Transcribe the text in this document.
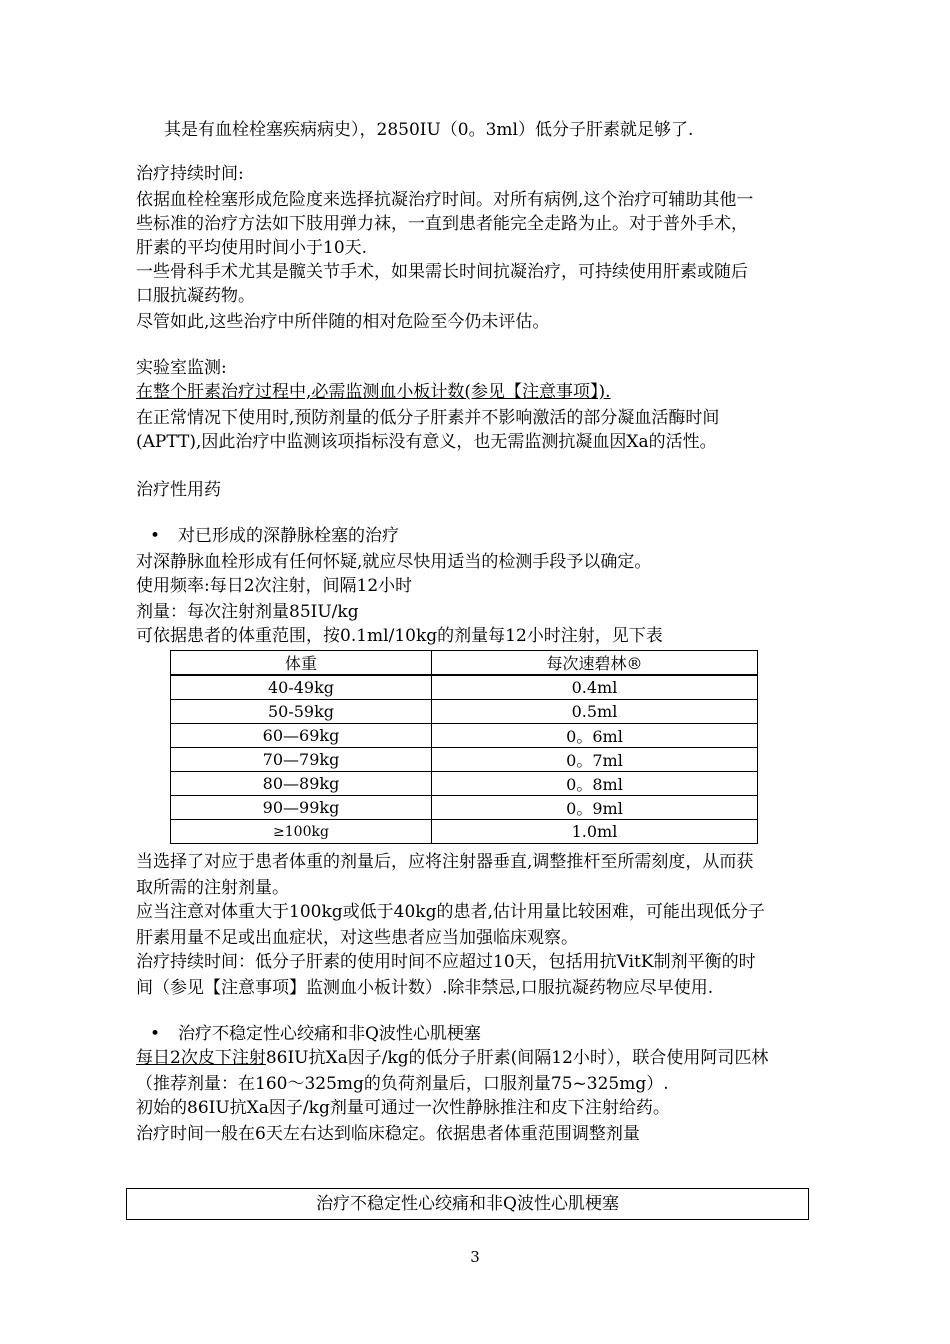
其是有血栓栓塞疾病病史），2850IU（0。3ml）低分子肝素就足够了.
治疗持续时间:
依据血栓栓塞形成危险度来选择抗凝治疗时间。对所有病例,这个治疗可辅助其他一
些标准的治疗方法如下肢用弹力袜，一直到患者能完全走路为止。对于普外手术，
肝素的平均使用时间小于10天.
一些骨科手术尤其是髋关节手术，如果需长时间抗凝治疗，可持续使用肝素或随后
口服抗凝药物。
尽管如此,这些治疗中所伴随的相对危险至今仍未评估。
实验室监测:
在整个肝素治疗过程中,必需监测血小板计数(参见【注意事项】).
在正常情况下使用时,预防剂量的低分子肝素并不影响激活的部分凝血活酶时间
(APTT),因此治疗中监测该项指标没有意义，也无需监测抗凝血因Ⅹa的活性。
治疗性用药
• 对已形成的深静脉栓塞的治疗
对深静脉血栓形成有任何怀疑,就应尽快用适当的检测手段予以确定。
使用频率:每日2次注射，间隔12小时
剂量：每次注射剂量85IU/kg
可依据患者的体重范围，按0.1ml/10kg的剂量每12小时注射，见下表
体重	每次速碧林®
40-49kg	0.4ml
50-59kg	0.5ml
60—69kg	0。6ml
70—79kg	0。7ml
80—89kg	0。8ml
90—99kg	0。9ml
≥100kg	1.0ml
当选择了对应于患者体重的剂量后，应将注射器垂直,调整推杆至所需刻度，从而获
取所需的注射剂量。
应当注意对体重大于100kg或低于40kg的患者,估计用量比较困难，可能出现低分子
肝素用量不足或出血症状，对这些患者应当加强临床观察。
治疗持续时间：低分子肝素的使用时间不应超过10天，包括用抗VitK制剂平衡的时
间（参见【注意事项】监测血小板计数）.除非禁忌,口服抗凝药物应尽早使用.
• 治疗不稳定性心绞痛和非Q波性心肌梗塞
每日2次皮下注射86IU抗Xa因子/kg的低分子肝素(间隔12小时），联合使用阿司匹林
（推荐剂量：在160～325mg的负荷剂量后，口服剂量75~325mg）.
初始的86IU抗Xa因子/kg剂量可通过一次性静脉推注和皮下注射给药。
治疗时间一般在6天左右达到临床稳定。依据患者体重范围调整剂量
治疗不稳定性心绞痛和非Q波性心肌梗塞
3
